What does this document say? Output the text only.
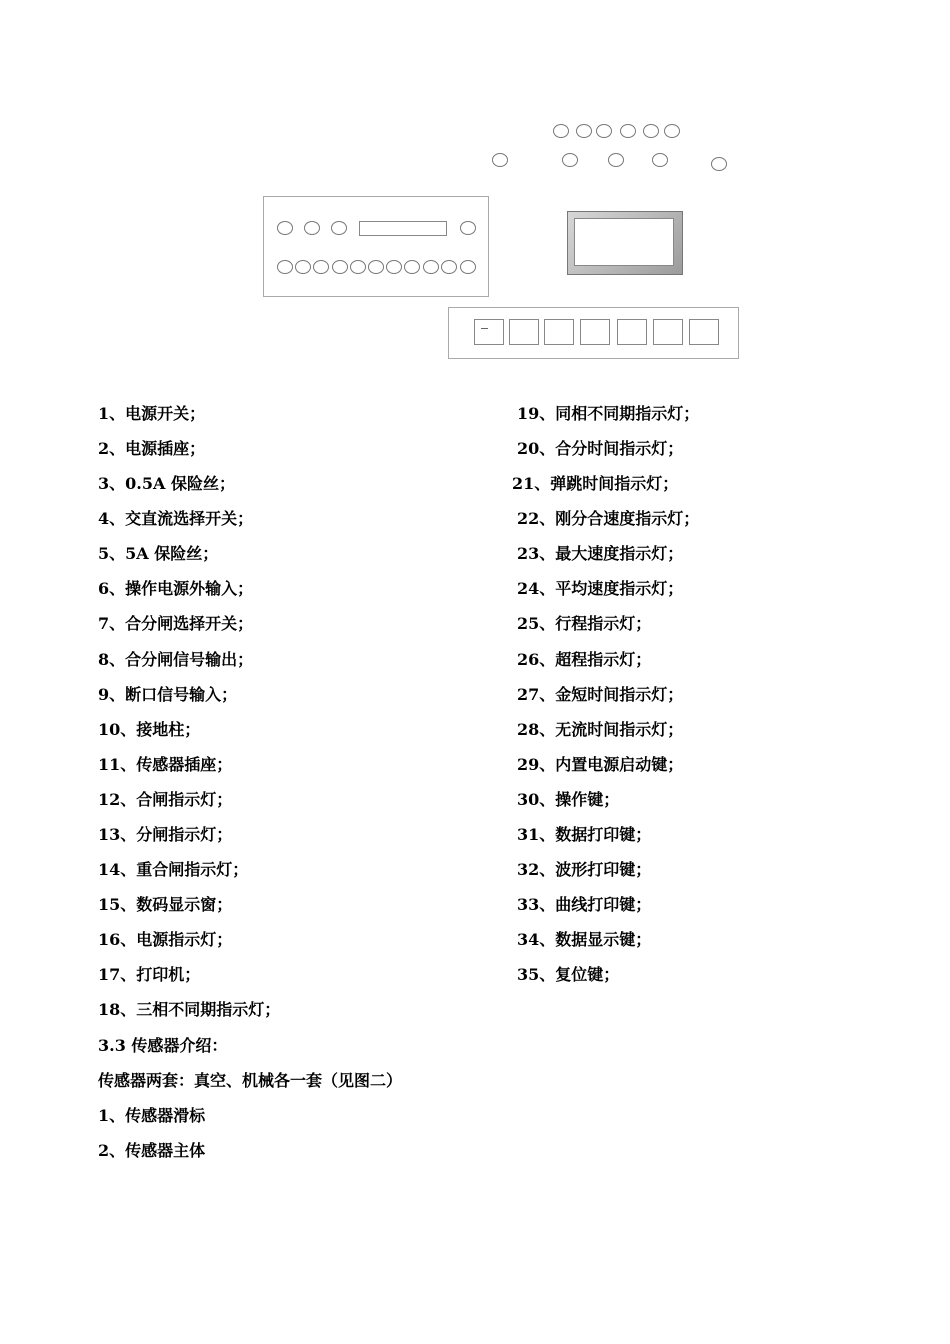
1、电源开关；
2、电源插座；
3、0.5A 保险丝；
4、交直流选择开关；
5、5A 保险丝；
6、操作电源外输入；
7、合分闸选择开关；
8、合分闸信号输出；
9、断口信号输入；
10、接地柱；
11、传感器插座；
12、合闸指示灯；
13、分闸指示灯；
14、重合闸指示灯；
15、数码显示窗；
16、电源指示灯；
17、打印机；
18、三相不同期指示灯；
19、同相不同期指示灯；
20、合分时间指示灯；
21、弹跳时间指示灯；
22、刚分合速度指示灯；
23、最大速度指示灯；
24、平均速度指示灯；
25、行程指示灯；
26、超程指示灯；
27、金短时间指示灯；
28、无流时间指示灯；
29、内置电源启动键；
30、操作键；
31、数据打印键；
32、波形打印键；
33、曲线打印键；
34、数据显示键；
35、复位键；
3.3 传感器介绍：
传感器两套：真空、机械各一套（见图二）
1、传感器滑标
2、传感器主体
